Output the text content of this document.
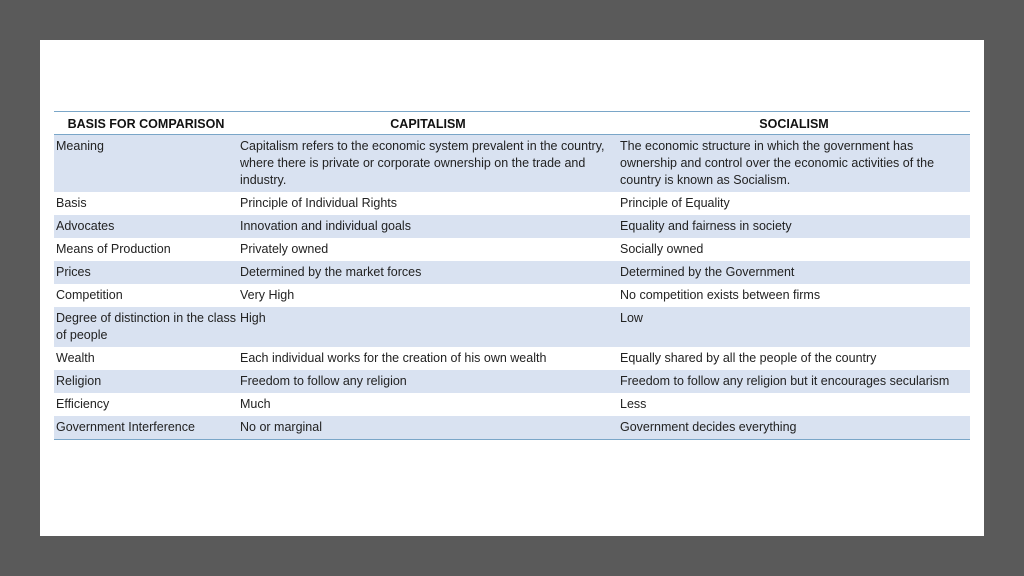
BASIS FOR COMPARISON	CAPITALISM	SOCIALISM
Meaning	Capitalism refers to the economic system prevalent in the country, where there is private or corporate ownership on the trade and industry.	The economic structure in which the government has ownership and control over the economic activities of the country is known as Socialism.
Basis	Principle of Individual Rights	Principle of Equality
Advocates	Innovation and individual goals	Equality and fairness in society
Means of Production	Privately owned	Socially owned
Prices	Determined by the market forces	Determined by the Government
Competition	Very High	No competition exists between firms
Degree of distinction in the class of people	High	Low
Wealth	Each individual works for the creation of his own wealth	Equally shared by all the people of the country
Religion	Freedom to follow any religion	Freedom to follow any religion but it encourages secularism
Efficiency	Much	Less
Government Interference	No or marginal	Government decides everything
